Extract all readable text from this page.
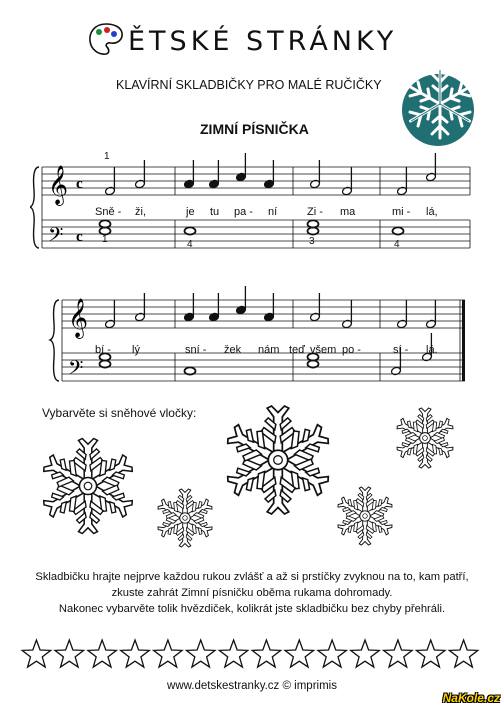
ĚTSKÉ STRÁNKY
KLAVÍRNÍ SKLADBIČKY PRO MALÉ RUČIČKY
ZIMNÍ PÍSNIČKA
𝄞
𝄢
𝄞
𝄢
c
c
1
1	4	3	4
Sně - ži,	je tu pa - ní	Zi - ma	mi - lá,
bí - lý	sní - žek nám teď všem po -	sí - lá.
Vybarvěte si sněhové vločky:
Skladbičku hrajte nejprve každou rukou zvlášť a až si prstíčky zvyknou na to, kam patří,
zkuste zahrát Zimní písničku oběma rukama dohromady.
Nakonec vybarvěte tolik hvězdiček, kolikrát jste skladbičku bez chyby přehráli.
www.detskestranky.cz © imprimis
NaKole.cz
